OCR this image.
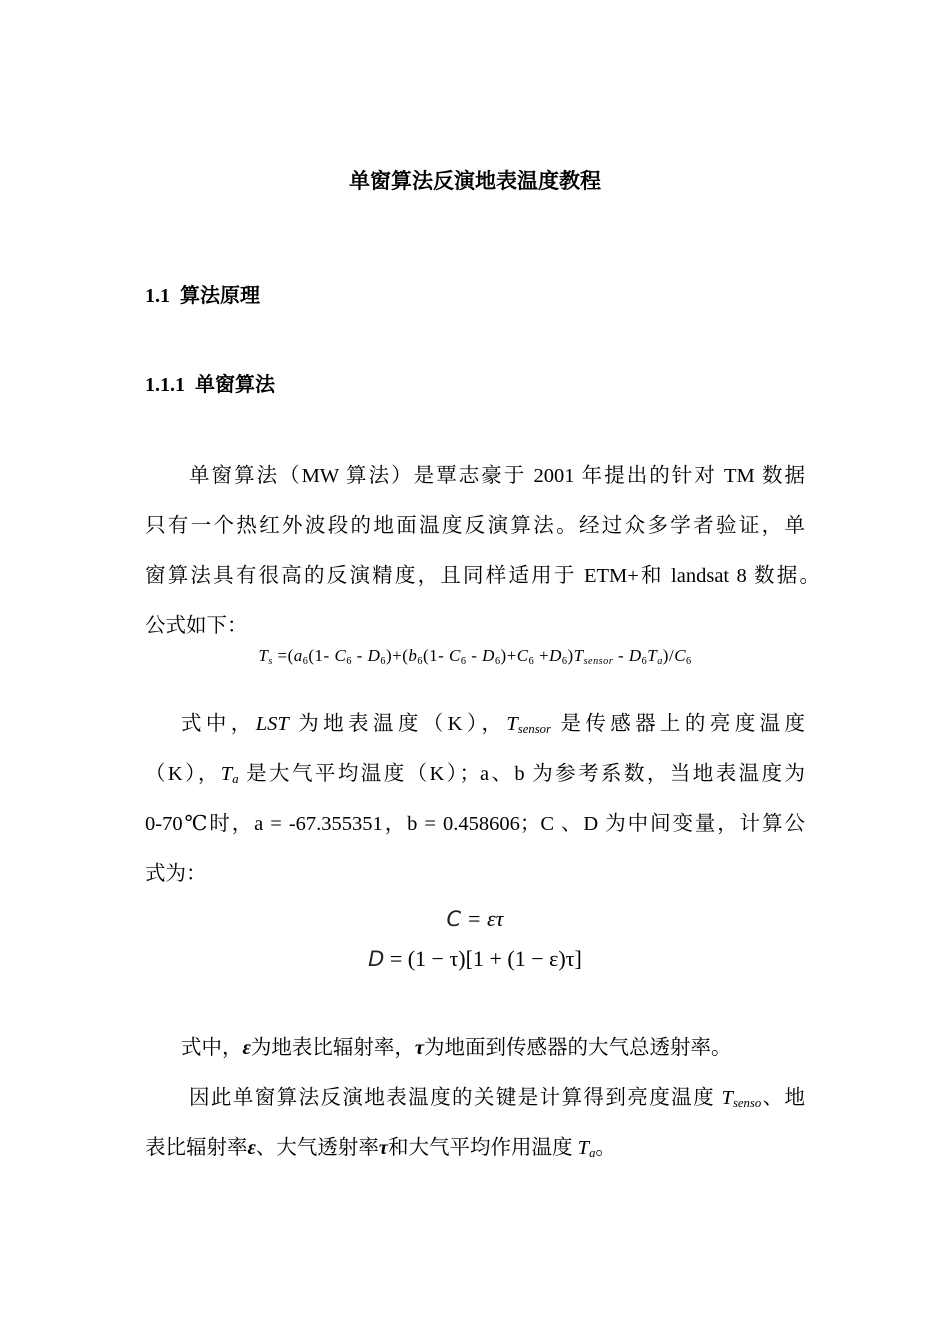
单窗算法反演地表温度教程
1.1 算法原理
1.1.1 单窗算法
单窗算法（MW 算法）是覃志豪于 2001 年提出的针对 TM 数据
只有一个热红外波段的地面温度反演算法。经过众多学者验证，单
窗算法具有很高的反演精度，且同样适用于 ETM+和 landsat 8 数据。
公式如下：
$T_s =(a_6(1-$ $C_6 - D_6)+(b_6(1-$ $C_6 - D_6)+C_6 +D_6)T_{sensor} - D_6T_a)/C_6$
式中，LST 为地表温度（K），$T_{sensor}$ 是传感器上的亮度温度
（K），$T_a$ 是大气平均温度（K）；a、b 为参考系数，当地表温度为
0-70℃时，a = -67.355351，b = 0.458606；C 、D 为中间变量，计算公
式为：
C = ετ
D = (1 − τ)[1 + (1 − ε)τ]
式中，ε为地表比辐射率，τ为地面到传感器的大气总透射率。
因此单窗算法反演地表温度的关键是计算得到亮度温度 $T_{senso}$、地
表比辐射率ε、大气透射率τ和大气平均作用温度 $T_a$。
